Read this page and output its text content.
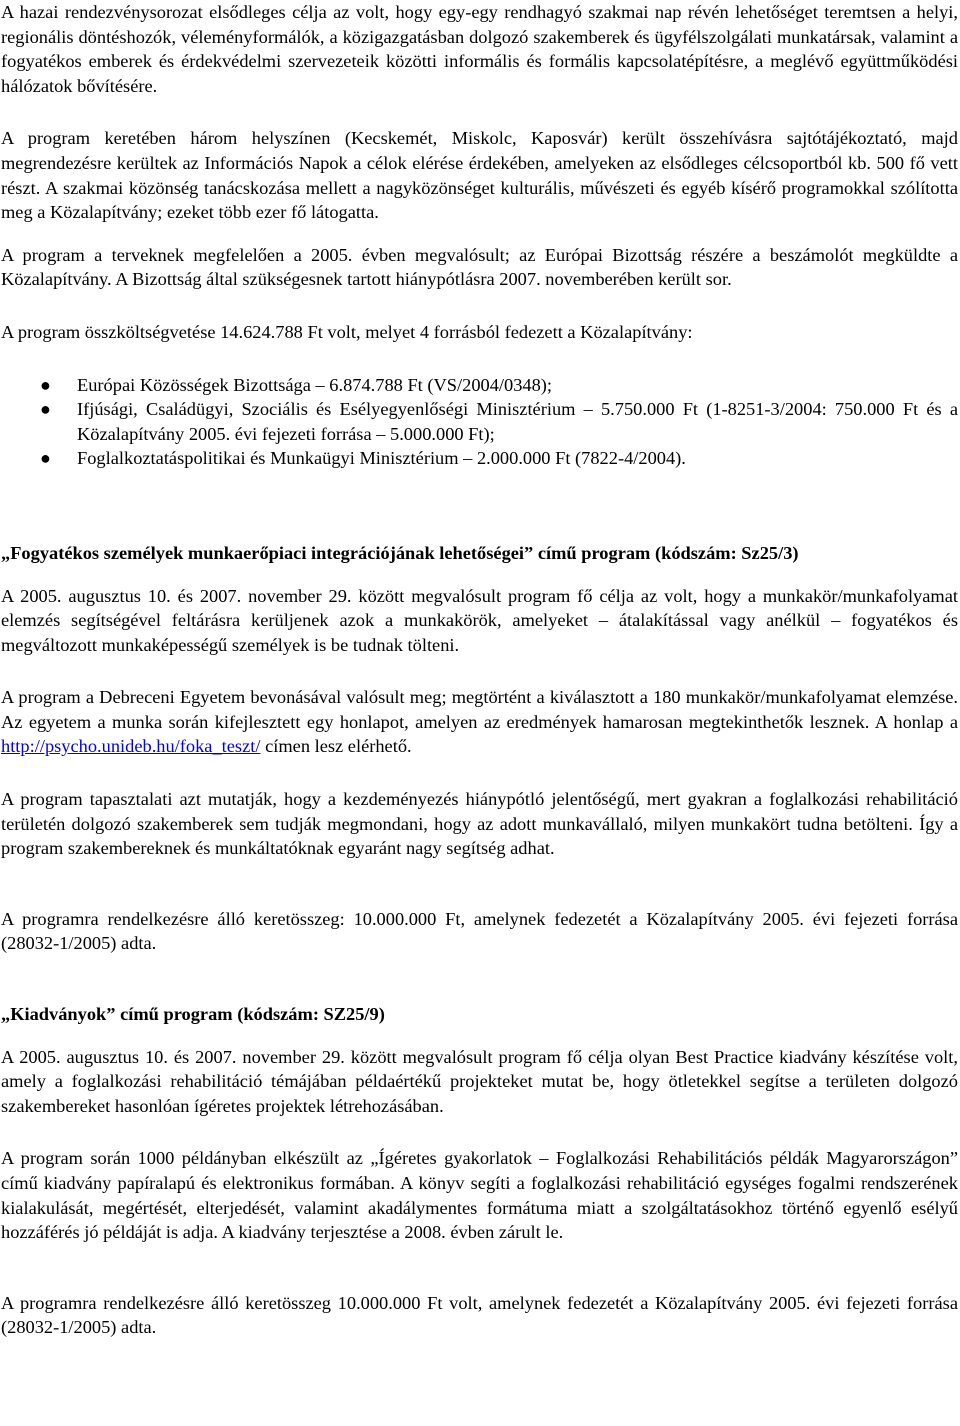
A hazai rendezvénysorozat elsődleges célja az volt, hogy egy-egy rendhagyó szakmai nap révén lehetőséget teremtsen a helyi, regionális döntéshozók, véleményformálók, a közigazgatásban dolgozó szakemberek és ügyfélszolgálati munkatársak, valamint a fogyatékos emberek és érdekvédelmi szervezeteik közötti informális és formális kapcsolatépítésre, a meglévő együttműködési hálózatok bővítésére.

A program keretében három helyszínen (Kecskemét, Miskolc, Kaposvár) került összehívásra sajtótájékoztató, majd megrendezésre kerültek az Információs Napok a célok elérése érdekében, amelyeken az elsődleges célcsoportból kb. 500 fő vett részt. A szakmai közönség tanácskozása mellett a nagyközönséget kulturális, művészeti és egyéb kísérő programokkal szólította meg a Közalapítvány; ezeket több ezer fő látogatta.

A program a terveknek megfelelően a 2005. évben megvalósult; az Európai Bizottság részére a beszámolót megküldte a Közalapítvány. A Bizottság által szükségesnek tartott hiánypótlásra 2007. novemberében került sor.

A program összköltségvetése 14.624.788 Ft volt, melyet 4 forrásból fedezett a Közalapítvány:

● Európai Közösségek Bizottsága – 6.874.788 Ft (VS/2004/0348);
● Ifjúsági, Családügyi, Szociális és Esélyegyenlőségi Minisztérium – 5.750.000 Ft (1-8251-3/2004: 750.000 Ft és a Közalapítvány 2005. évi fejezeti forrása – 5.000.000 Ft);
● Foglalkoztatáspolitikai és Munkaügyi Minisztérium – 2.000.000 Ft (7822-4/2004).
„Fogyatékos személyek munkaerőpiaci integrációjának lehetőségei” című program (kódszám: Sz25/3)

A 2005. augusztus 10. és 2007. november 29. között megvalósult program fő célja az volt, hogy a munkakör/munkafolyamat elemzés segítségével feltárásra kerüljenek azok a munkakörök, amelyeket – átalakítással vagy anélkül – fogyatékos és megváltozott munkaképességű személyek is be tudnak tölteni.

A program a Debreceni Egyetem bevonásával valósult meg; megtörtént a kiválasztott a 180 munkakör/munkafolyamat elemzése. Az egyetem a munka során kifejlesztett egy honlapot, amelyen az eredmények hamarosan megtekinthetők lesznek. A honlap a http://psycho.unideb.hu/foka_teszt/ címen lesz elérhető.

A program tapasztalati azt mutatják, hogy a kezdeményezés hiánypótló jelentőségű, mert gyakran a foglalkozási rehabilitáció területén dolgozó szakemberek sem tudják megmondani, hogy az adott munkavállaló, milyen munkakört tudna betölteni. Így a program szakembereknek és munkáltatóknak egyaránt nagy segítség adhat.

A programra rendelkezésre álló keretösszeg: 10.000.000 Ft, amelynek fedezetét a Közalapítvány 2005. évi fejezeti forrása (28032-1/2005) adta.

„Kiadványok” című program (kódszám: SZ25/9)

A 2005. augusztus 10. és 2007. november 29. között megvalósult program fő célja olyan Best Practice kiadvány készítése volt, amely a foglalkozási rehabilitáció témájában példaértékű projekteket mutat be, hogy ötletekkel segítse a területen dolgozó szakembereket hasonlóan ígéretes projektek létrehozásában.

A program során 1000 példányban elkészült az „Ígéretes gyakorlatok – Foglalkozási Rehabilitációs példák Magyarországon” című kiadvány papíralapú és elektronikus formában. A könyv segíti a foglalkozási rehabilitáció egységes fogalmi rendszerének kialakulását, megértését, elterjedését, valamint akadálymentes formátuma miatt a szolgáltatásokhoz történő egyenlő esélyű hozzáférés jó példáját is adja. A kiadvány terjesztése a 2008. évben zárult le.

A programra rendelkezésre álló keretösszeg 10.000.000 Ft volt, amelynek fedezetét a Közalapítvány 2005. évi fejezeti forrása (28032-1/2005) adta.
